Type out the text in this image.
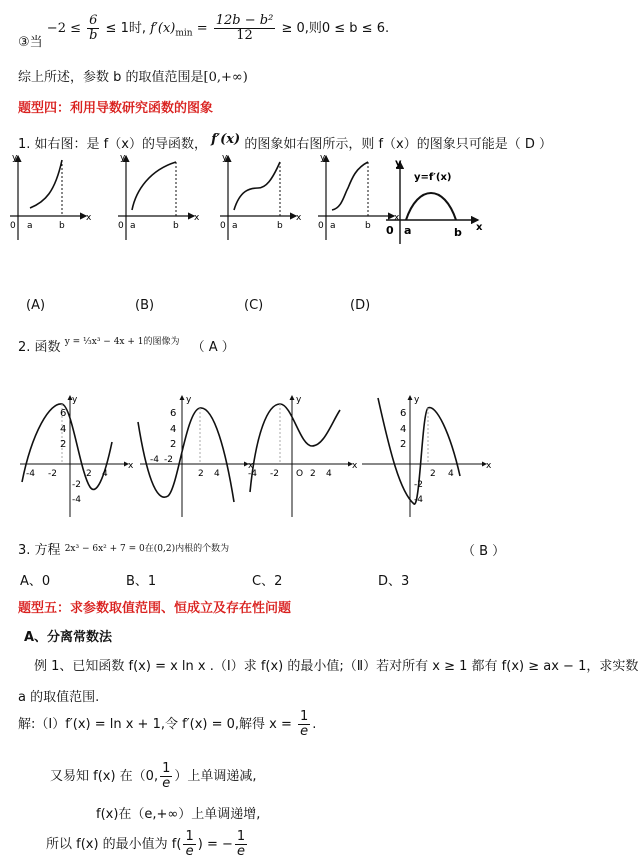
③当 $-2 \le \frac{6}{b} \le 1$时, $f'(x)_{min} = \frac{\text{12b − b²}}{12} \ge 0$,则0 ≤ b ≤ 6.
综上所述，参数 b 的取值范围是[0,+∞)
题型四：利用导数研究函数的图象
1. 如右图：是 f（x）的导函数， f′(x) 的图象如右图所示，则 f（x）的图象只可能是（ D ）
y
x
0 a	b
y
x
0 a	b
y
x
0 a	b
y
x
0 a	b
y
x
0 a	b
y=f′(x)
(A)	(B)	(C)	(D)
2. 函数 $^{y = \frac{1}{3}x^3 - 4x + 1的图像为}$ （ A ）
y
x
6
4
2
-4 -2	2 4
-2
-4
y
x
6
4
2
-4 -2
2 4
y
x
-4 -2 O 2 4
y
x
6
4
2
2 4
-2
-4
3. 方程 $^{2x^3 - 6x^2 + 7 = 0在(0,2)内根的个数为}$	（ B ）
A、0	B、1	C、2	D、3
题型五：求参数取值范围、恒成立及存在性问题
A、分离常数法
例 1、已知函数 f(x) = x ln x .（Ⅰ）求 f(x) 的最小值;（Ⅱ）若对所有 x ≥ 1 都有 f(x) ≥ ax − 1，求实数
a 的取值范围.
解:（Ⅰ）f′(x) = ln x + 1,令 f′(x) = 0,解得 $x = \frac{1}{e}$ .
又易知 f(x) 在（0, $\frac{1}{e}$ ）上单调递减,
f(x)在（e,+∞）上单调递增,
所以 f(x) 的最小值为 $f( \frac{1}{e}$ ) = − $\frac{1}{e}$
